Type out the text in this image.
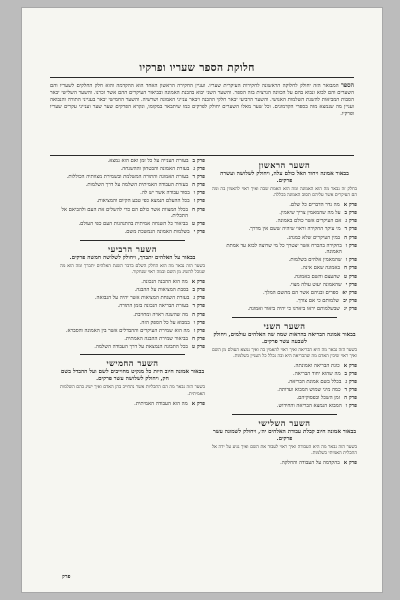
חלוקת הספר שעריו ופרקיו
הספר המבואר הזה יחולק לחלוקה הראשונה לחקירות העיקרית שעריו. ועניין החקירה הראשון האחד הוא ההקדמה והוא חלק החלקים לשעריו והם השערים והם לבוא ונבוא בהם על הכוונה הנרצית בזה הספר. והשער השני יבוא בהבנת האמונה ובביאור העיקרים ההם אשר זכרנו. והשער השלישי יבאר הסבות המביאות להשגת השלמות האנושי. והשער הרביעי יבאר חלקי ההבנה ויבאר ענייני האמונה ושרשיה. והשער החמישי יבאר בענייני התורה והנבואה ועניין מה שנמצא מזה בספרי הקדמונים. וכל שער מאלו השערים יחולק לפרקים כמו שיתבאר במקומו, ונקרא הפרקים שער שער וענייני עקרים שעריו ופרקיו.
השער הראשון
בבאור אמונה ויחוד האל כולם עלה, ויחולק לשלושה ועשרה פרקים.
בחלק זה נבאר מה הוא האמונה ומה הוא האמת שבה ואיך ראוי להאמין בה ומה הם העיקרים אשר עליהם תסוב האמונה בכללה.
פרק א
מה נדר הדברים כל שלם.
פרק ב
על מה שהמאמין צריך שיאמין.
פרק ג
אם העיקרים אשר כולם באמונה.
פרק ד
מי עיקר החקירה וראוי שיהיה ששם אין מדרך.
פרק ה
במין העיקרים שלא כמנהג.
פרק ו
בחקירה בהכרח אשר יצטרך כל מי שרוצה לבוא עד אמתת האמונה.
פרק ז
שהמאמין אלהים בשלמות.
פרק ח
באמונה שאם אינה.
פרק ט
שהעצם והשם באמונה.
פרק י
שהאמונה יעוט עולה מצוי.
פרק יא
ספרים ובניהם אשר הם מהשם המלך.
פרק יב
שלמותם כי אם צורך.
פרק יג
שבשלמותם יראו ביארנו כי יהיה ביאור ואמונה.
השער השני
בבאור אמונה הבריאה בהראות שמה שה האלהים עולמים, ויחולק לשבעה עשר פרקים.
בשער הזה נבאר מה היא הבריאה ואיך ראוי להאמין בה ואיך נמצא העולם מן השם ואיך ראוי שיבין האדם מה שהבריאה היא ובה נכלל כל העניין בשלמות.
פרק א
כונת הבריאה ואמונתה.
פרק ב
מה שהוא יחוד הבריאה.
פרק ג
בכלל בשם אמונת הבריאה.
פרק ד
כמה מיני שמוש המבוא ועדותה.
פרק ה
זמן השכל ובפסוקיהם.
פרק ו
המבוא הנמצא הבריאה והחידוש.
השער השלישי
בבאור אמונה חיוב קבלת עבודת האלהים יה׳, ויחולק לשמונה עשר פרקים.
בשער הזה נבאר מה היא העבודה ואיך ראוי לעבוד את השם ואיך נגיע על ידה אל התכלית האמיתי בשלמות.
פרק א
בהקדמה על העבודה והחלקה.
פרק ב
בעזרת הענייה על כל זמן ואם הוא נמצא.
פרק ג
בעזרת האמונה והבטחון וההשגחה.
פרק ד
בעזרת האמונה והתורה המשלמת ובשמירת מצוותיה הכוללות.
פרק ה
בעזרת העבודה האמיתית השלמה על דרך השלמות.
פרק ו
בסוד עבודה אשר יש לה.
פרק ז
בכל ההעלם הנמצא כפי טבע הקיום והמציאות.
פרק ח
בכלל המצוות אשר כולם הם כדי להשלים את העם ולהביאם אל התכלית.
פרק ט
בביאור כל השגחה אמיתית בהתנהגות העם כפי העולם.
פרק י
בשלמות האמונה הנמשכת משם.
השער הרביעי
בבאור על האלהים יתברך, ויחולק לשלושה חמשה פרקים.
בשער הזה נבאר מה הוא החלק השלם בדבר השגת האלהים יתברך ומה הוא מה שנוכל להשיג מן השם ובמה ראוי שנחקור.
פרק א
מה הוא ההבנה הנכונה.
פרק ב
בסבת המציאות על ההבנה.
פרק ג
בעזרת השגחת המציאות אשר יהיה על הנבואה.
פרק ד
בעזרת הבריאה הנכונה בזמן התורה.
פרק ה
מה שהשגה ראויה ומחויבת.
פרק ו
במבוא על כל הספק הזה.
פרק ז
מה הוא שמירת העיקרים וההבדלים אשר בין האמונה והסברא.
פרק ח
בביאור שמירת ההבנה האמתית.
פרק ט
בכל התבונה הנמצאת על דרך העבודה השלמה.
השער החמישי
בבאור אמונה חיוב היות כל מנקיט מחוייבים לשם ועל ההבדל בשם חק, ויחולק לשלושה עשר פרקים.
בשער הזה נבאר מה הם התכליות אשר נתחייב בהן האדם ואיך ישיג בהם השלמות האמיתית.
פרק א
מה הוא העבודה האמיתית.
פרק
